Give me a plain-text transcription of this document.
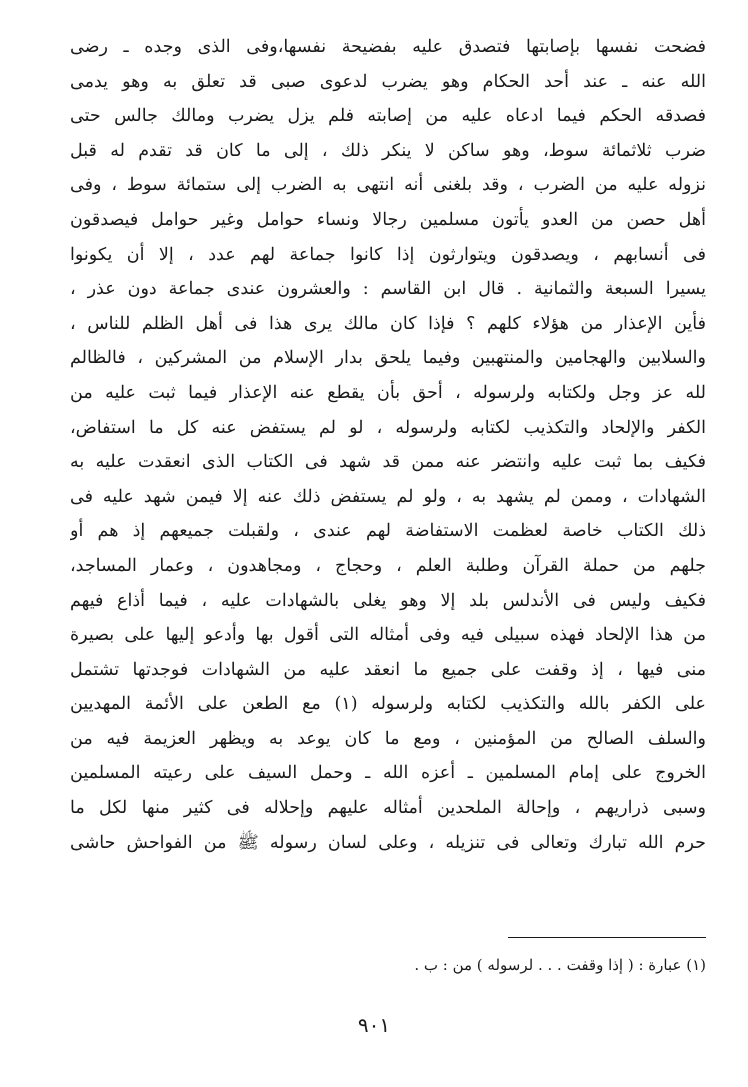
فضحت نفسها بإصابتها فتصدق عليه بفضيحة نفسها،وفى الذى وجده ـ رضى
الله عنه ـ عند أحد الحكام وهو يضرب لدعوى صبى قد تعلق به وهو يدمى
فصدقه الحكم فيما ادعاه عليه من إصابته فلم يزل يضرب ومالك جالس حتى
ضرب ثلاثمائة سوط، وهو ساكن لا ينكر ذلك ، إلى ما كان قد تقدم له قبل
نزوله عليه من الضرب ، وقد بلغنى أنه انتهى به الضرب إلى ستمائة سوط ، وفى
أهل حصن من العدو يأتون مسلمين رجالا ونساء حوامل وغير حوامل فيصدقون
فى أنسابهم ، ويصدقون ويتوارثون إذا كانوا جماعة لهم عدد ، إلا أن يكونوا
يسيرا السبعة والثمانية . قال ابن القاسم : والعشرون عندى جماعة دون عذر ،
فأين الإعذار من هؤلاء كلهم ؟ فإذا كان مالك يرى هذا فى أهل الظلم للناس ،
والسلابين والهجامين والمنتهبين وفيما يلحق بدار الإسلام من المشركين ، فالظالم
لله عز وجل ولكتابه ولرسوله ، أحق بأن يقطع عنه الإعذار فيما ثبت عليه من
الكفر والإلحاد والتكذيب لكتابه ولرسوله ، لو لم يستفض عنه كل ما استفاض،
فكيف بما ثبت عليه وانتضر عنه ممن قد شهد فى الكتاب الذى انعقدت عليه به
الشهادات ، وممن لم يشهد به ، ولو لم يستفض ذلك عنه إلا فيمن شهد عليه فى
ذلك الكتاب خاصة لعظمت الاستفاضة لهم عندى ، ولقبلت جميعهم إذ هم أو
جلهم من حملة القرآن وطلبة العلم ، وحجاج ، ومجاهدون ، وعمار المساجد،
فكيف وليس فى الأندلس بلد إلا وهو يغلى بالشهادات عليه ، فيما أذاع فيهم
من هذا الإلحاد فهذه سبيلى فيه وفى أمثاله التى أقول بها وأدعو إليها على بصيرة
منى فيها ، إذ وقفت على جميع ما انعقد عليه من الشهادات فوجدتها تشتمل
على الكفر بالله والتكذيب لكتابه ولرسوله (١) مع الطعن على الأئمة المهديين
والسلف الصالح من المؤمنين ، ومع ما كان يوعد به ويظهر العزيمة فيه من
الخروج على إمام المسلمين ـ أعزه الله ـ وحمل السيف على رعيته المسلمين
وسبى ذراريهم ، وإحالة الملحدين أمثاله عليهم وإحلاله فى كثير منها لكل ما
حرم الله تبارك وتعالى فى تنزيله ، وعلى لسان رسوله ﷺ من الفواحش حاشى
(١) عبارة : ( إذا وقفت . . . لرسوله ) من : ب .
٩٠١
